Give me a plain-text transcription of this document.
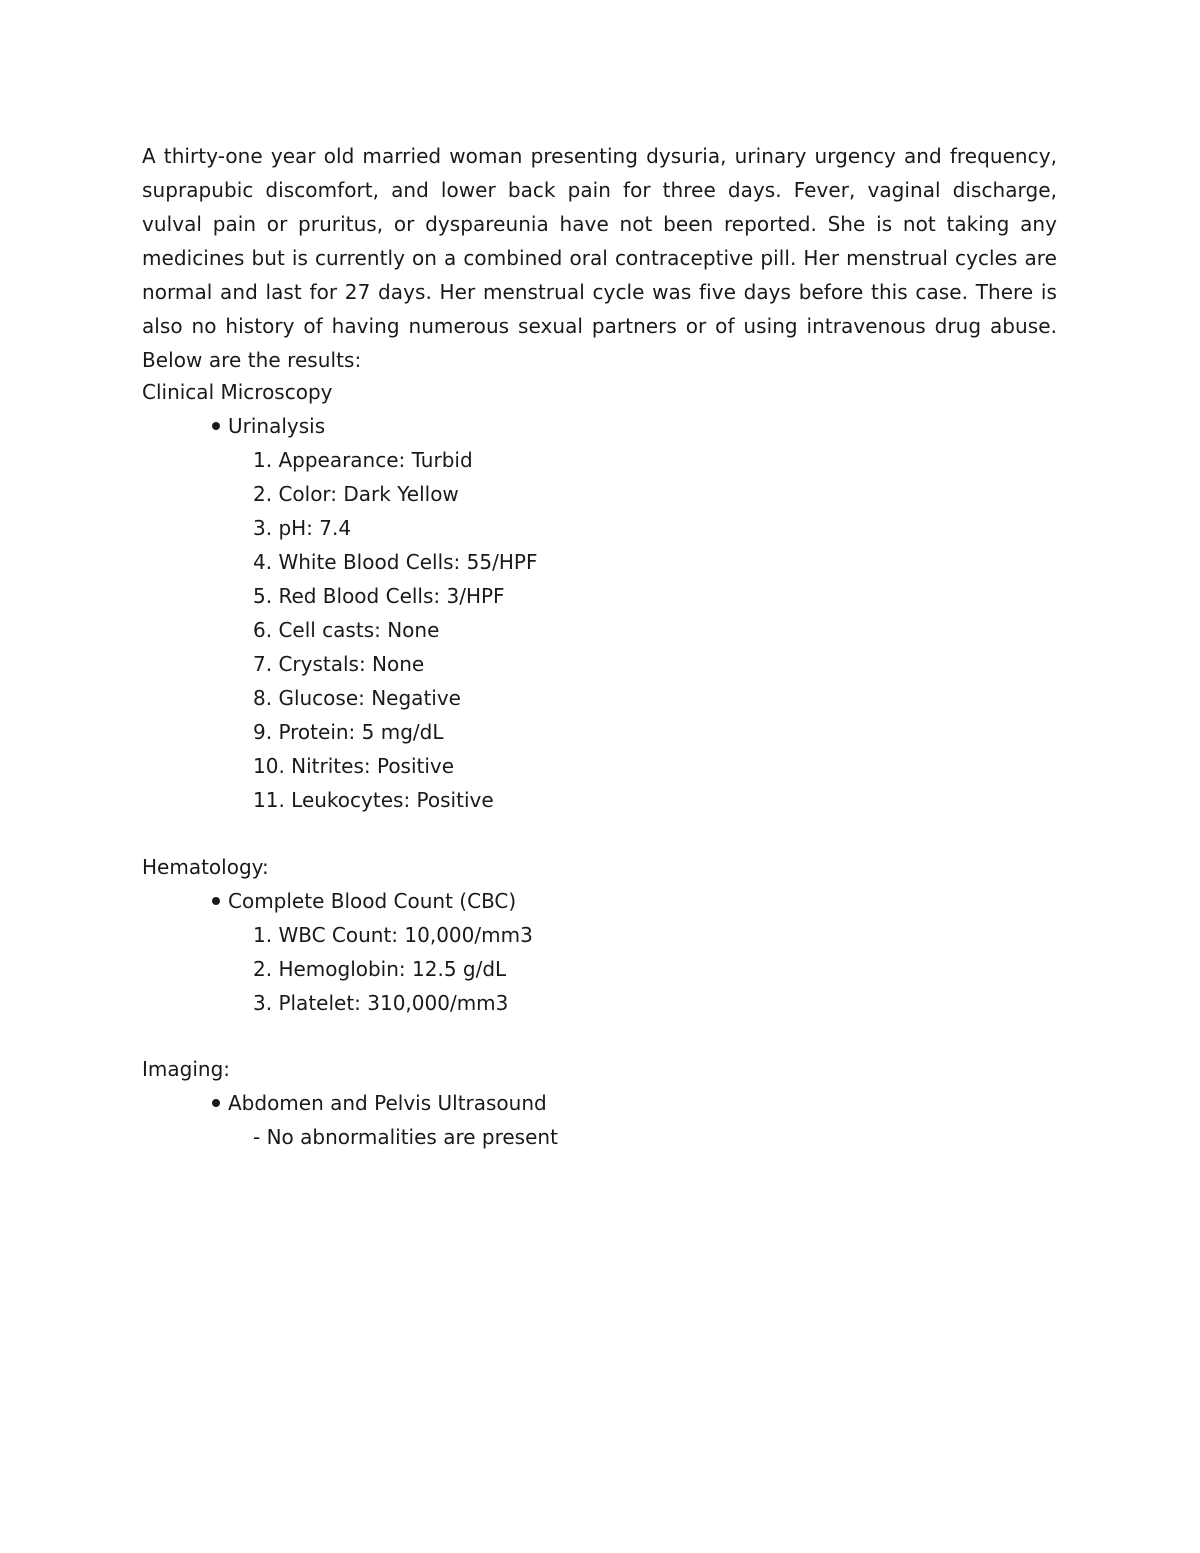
A thirty-one year old married woman presenting dysuria, urinary urgency and frequency, suprapubic discomfort, and lower back pain for three days. Fever, vaginal discharge, vulval pain or pruritus, or dyspareunia have not been reported. She is not taking any medicines but is currently on a combined oral contraceptive pill. Her menstrual cycles are normal and last for 27 days. Her menstrual cycle was five days before this case. There is also no history of having numerous sexual partners or of using intravenous drug abuse. Below are the results:

Clinical Microscopy
Urinalysis
1. Appearance: Turbid
2. Color: Dark Yellow
3. pH: 7.4
4. White Blood Cells: 55/HPF
5. Red Blood Cells: 3/HPF
6. Cell casts: None
7. Crystals: None
8. Glucose: Negative
9. Protein: 5 mg/dL
10. Nitrites: Positive
11. Leukocytes: Positive
Hematology:
Complete Blood Count (CBC)
1. WBC Count: 10,000/mm3
2. Hemoglobin: 12.5 g/dL
3. Platelet: 310,000/mm3
Imaging:
Abdomen and Pelvis Ultrasound
- No abnormalities are present
